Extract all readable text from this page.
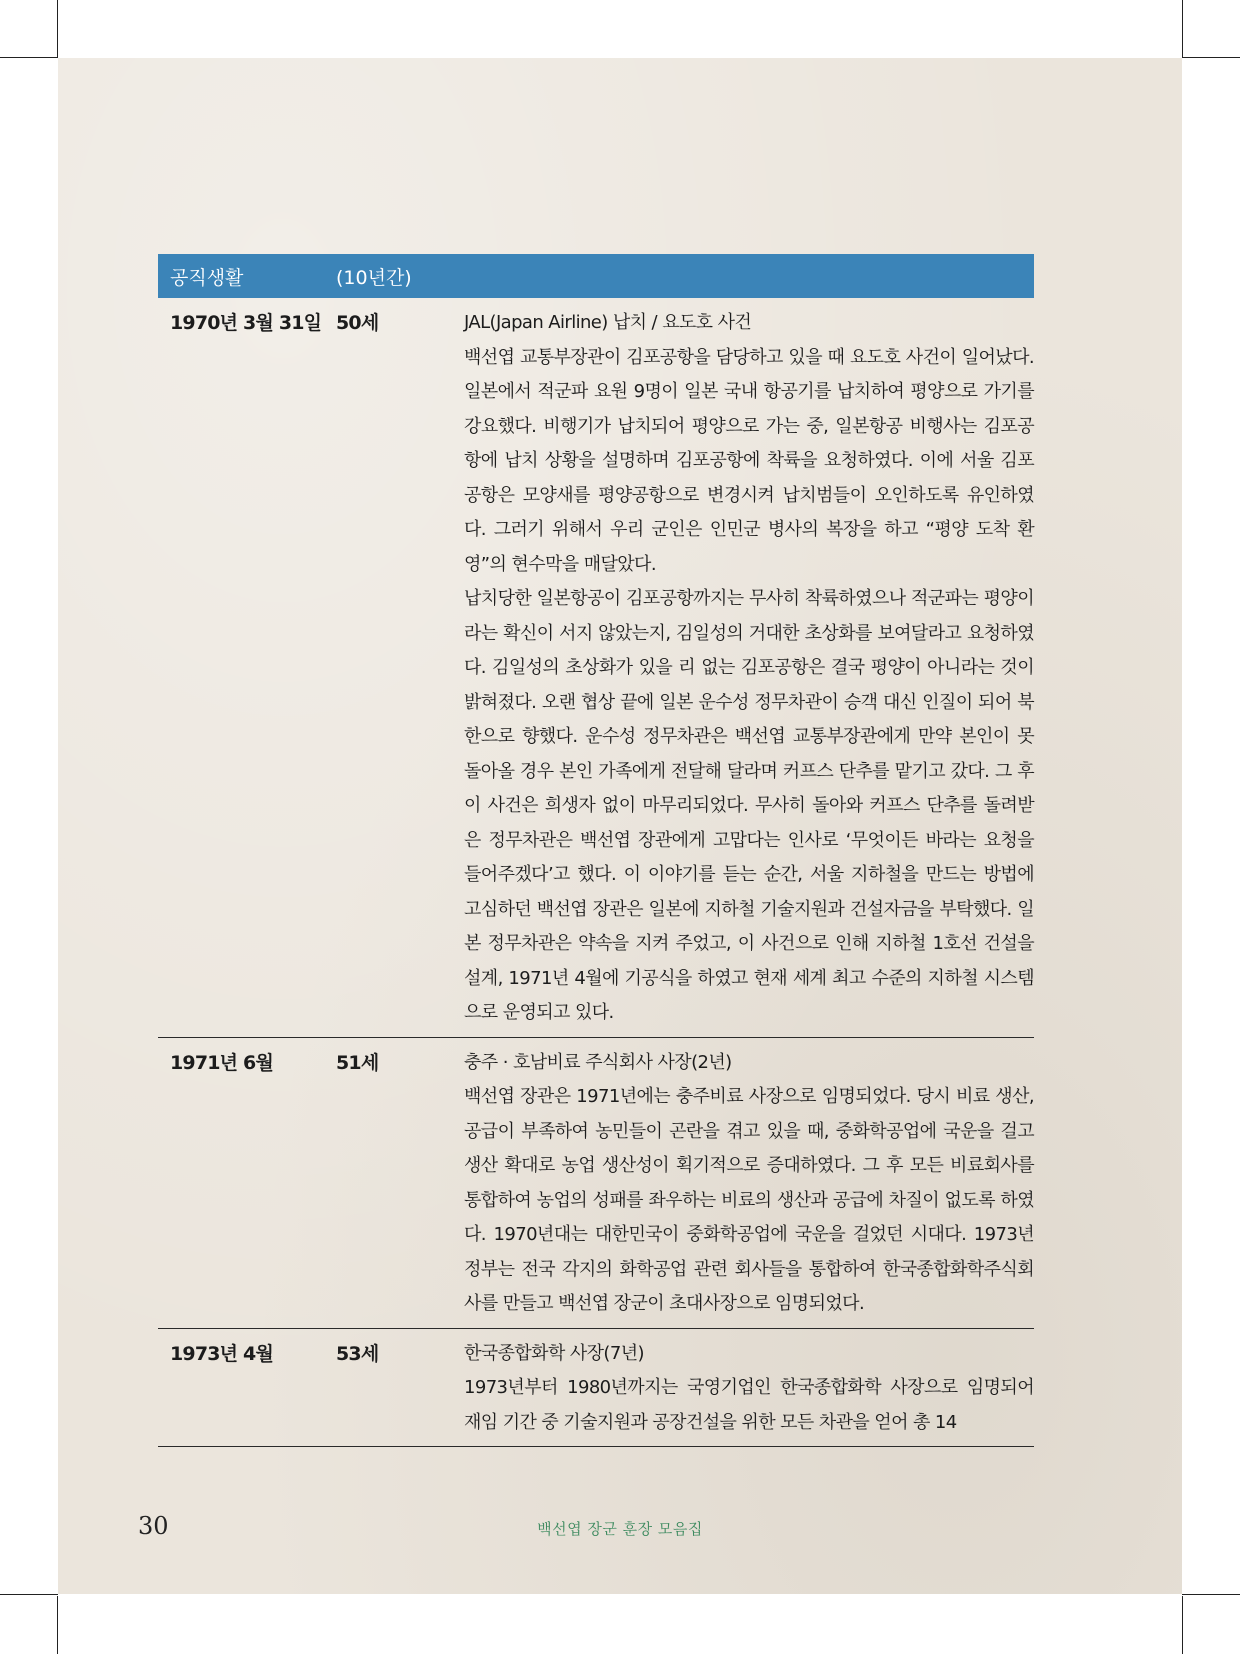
공직생활	(10년간)
1970년 3월 31일 50세	JAL(Japan Airline) 납치 / 요도호 사건

백선엽 교통부장관이 김포공항을 담당하고 있을 때 요도호 사건이 일어났다. 일본에서 적군파 요원 9명이 일본 국내 항공기를 납치하여 평양으로 가기를 강요했다. 비행기가 납치되어 평양으로 가는 중, 일본항공 비행사는 김포공항에 납치 상황을 설명하며 김포공항에 착륙을 요청하였다. 이에 서울 김포공항은 모양새를 평양공항으로 변경시켜 납치범들이 오인하도록 유인하였다. 그러기 위해서 우리 군인은 인민군 병사의 복장을 하고 “평양 도착 환영”의 현수막을 매달았다.

납치당한 일본항공이 김포공항까지는 무사히 착륙하였으나 적군파는 평양이라는 확신이 서지 않았는지, 김일성의 거대한 초상화를 보여달라고 요청하였다. 김일성의 초상화가 있을 리 없는 김포공항은 결국 평양이 아니라는 것이 밝혀졌다. 오랜 협상 끝에 일본 운수성 정무차관이 승객 대신 인질이 되어 북한으로 향했다. 운수성 정무차관은 백선엽 교통부장관에게 만약 본인이 못 돌아올 경우 본인 가족에게 전달해 달라며 커프스 단추를 맡기고 갔다. 그 후 이 사건은 희생자 없이 마무리되었다. 무사히 돌아와 커프스 단추를 돌려받은 정무차관은 백선엽 장관에게 고맙다는 인사로 ‘무엇이든 바라는 요청을 들어주겠다’고 했다. 이 이야기를 듣는 순간, 서울 지하철을 만드는 방법에 고심하던 백선엽 장관은 일본에 지하철 기술지원과 건설자금을 부탁했다. 일본 정무차관은 약속을 지켜 주었고, 이 사건으로 인해 지하철 1호선 건설을 설계, 1971년 4월에 기공식을 하였고 현재 세계 최고 수준의 지하철 시스템으로 운영되고 있다.

1971년 6월	51세	충주 · 호남비료 주식회사 사장(2년)

백선엽 장관은 1971년에는 충주비료 사장으로 임명되었다. 당시 비료 생산, 공급이 부족하여 농민들이 곤란을 겪고 있을 때, 중화학공업에 국운을 걸고 생산 확대로 농업 생산성이 획기적으로 증대하였다. 그 후 모든 비료회사를 통합하여 농업의 성패를 좌우하는 비료의 생산과 공급에 차질이 없도록 하였다. 1970년대는 대한민국이 중화학공업에 국운을 걸었던 시대다. 1973년 정부는 전국 각지의 화학공업 관련 회사들을 통합하여 한국종합화학주식회사를 만들고 백선엽 장군이 초대사장으로 임명되었다.

1973년 4월	53세	한국종합화학 사장(7년)

1973년부터 1980년까지는 국영기업인 한국종합화학 사장으로 임명되어 재임 기간 중 기술지원과 공장건설을 위한 모든 차관을 얻어 총 14

30	백선엽 장군 훈장 모음집
